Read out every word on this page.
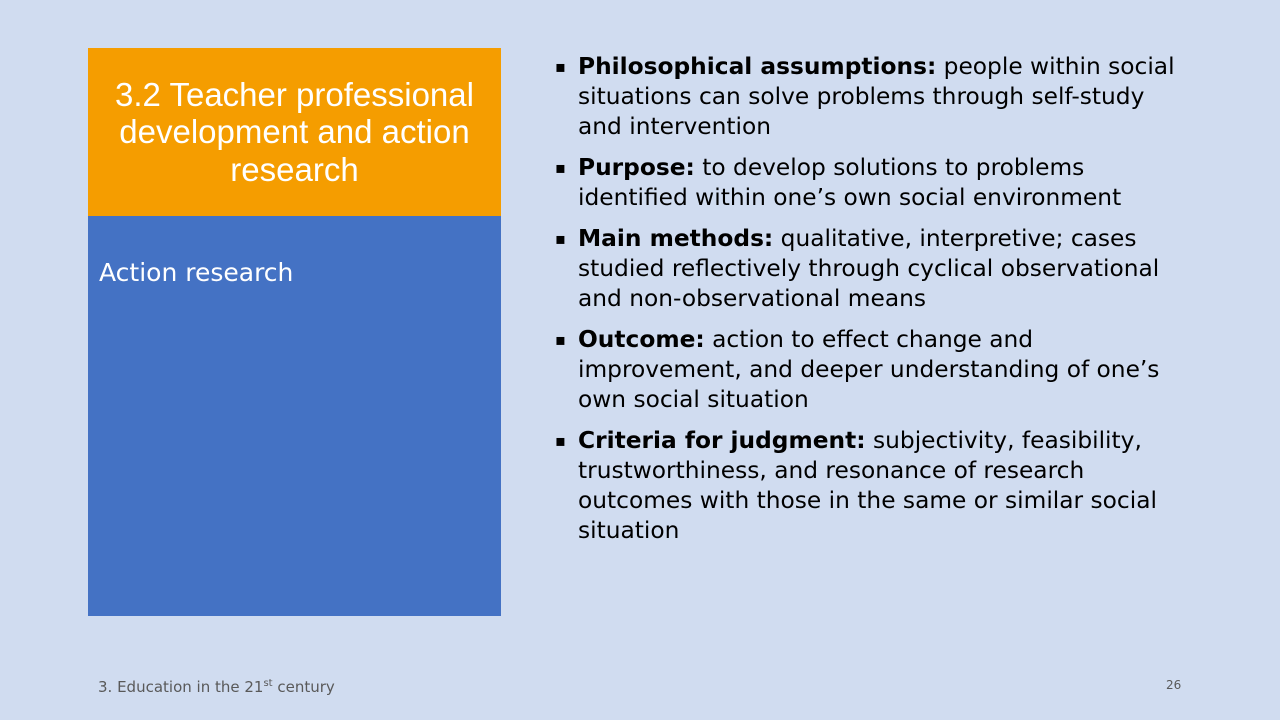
3.2 Teacher professional development and action research
Action research
▪ Philosophical assumptions: people within social situations can solve problems through self-study and intervention
▪ Purpose: to develop solutions to problems identified within one’s own social environment
▪ Main methods: qualitative, interpretive; cases studied reflectively through cyclical observational and non-observational means
▪ Outcome: action to effect change and improvement, and deeper understanding of one’s own social situation
▪ Criteria for judgment: subjectivity, feasibility, trustworthiness, and resonance of research outcomes with those in the same or similar social situation
3. Education in the 21st century	26
